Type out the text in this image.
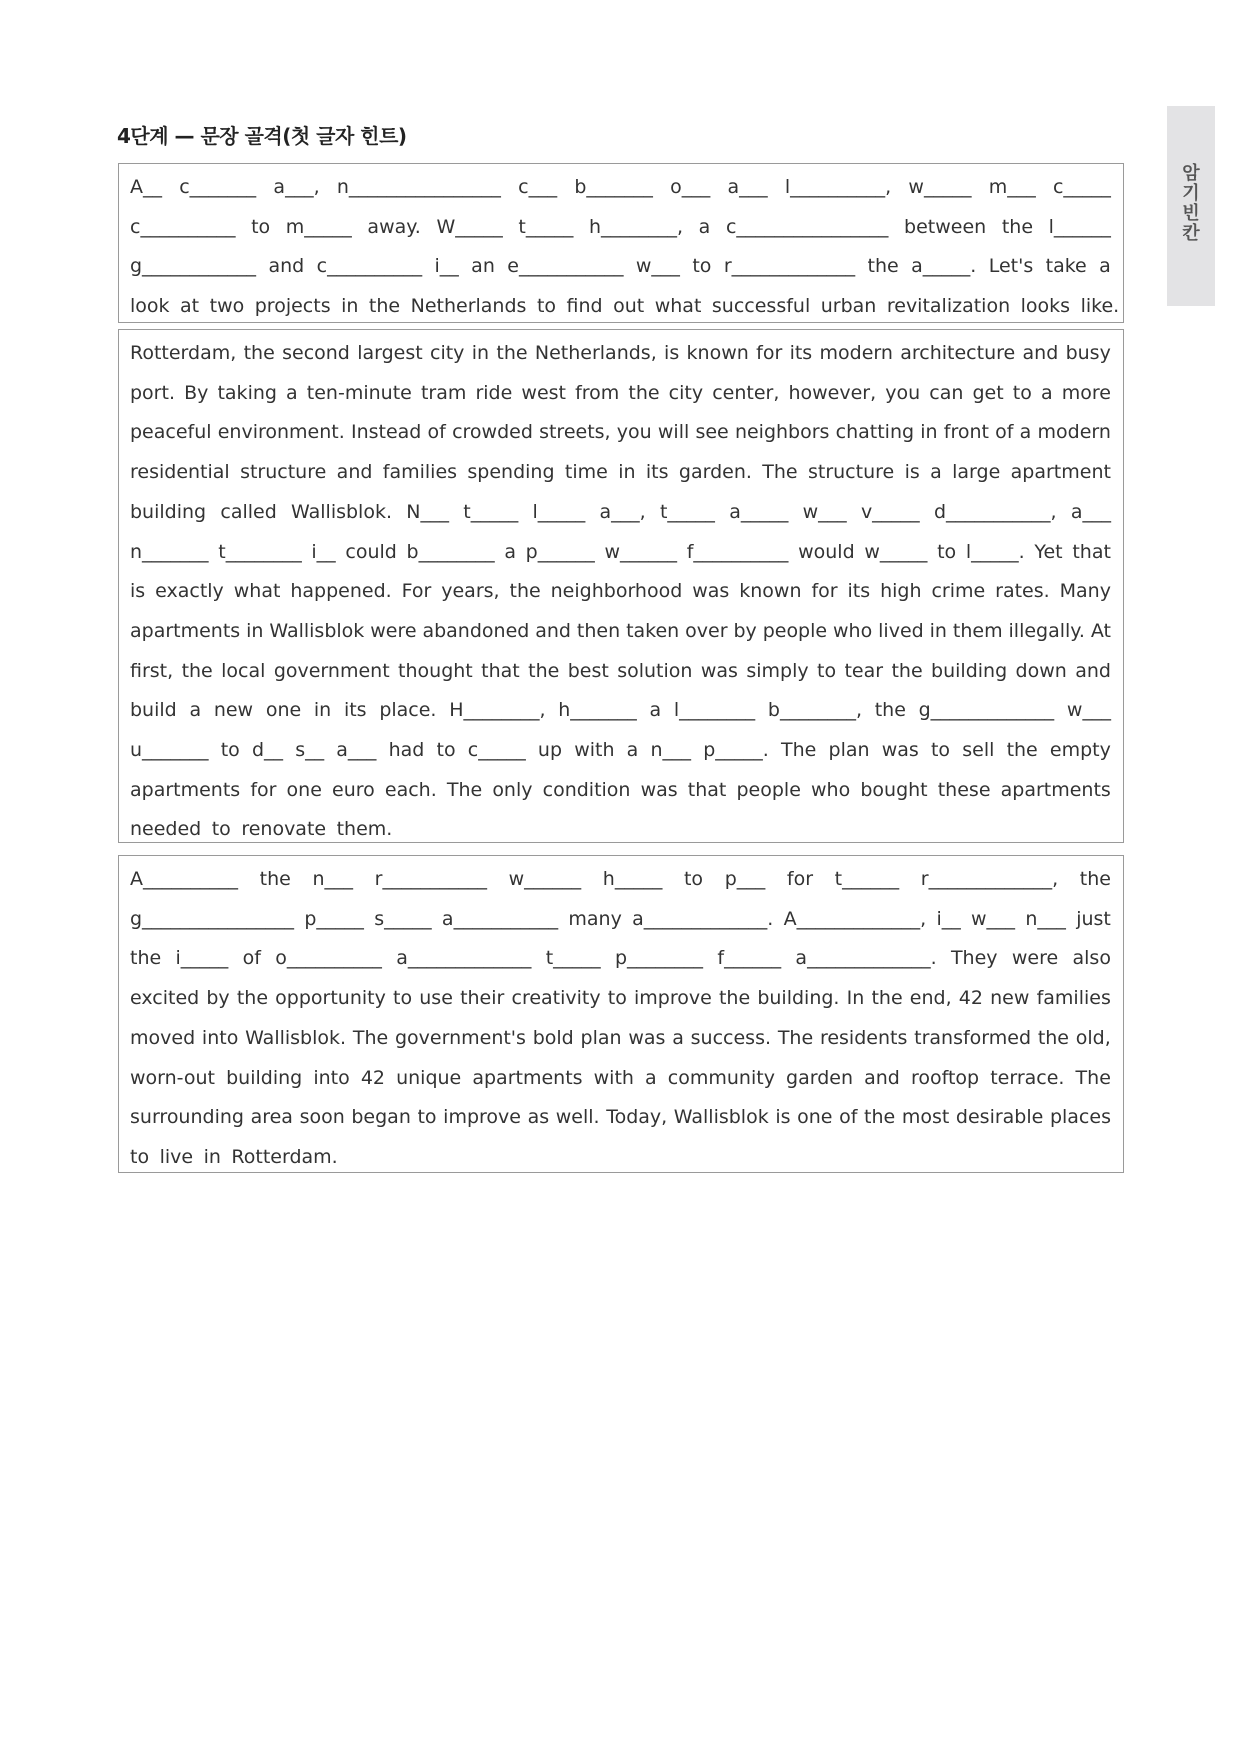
4단계 — 문장 골격(첫 글자 힌트)
암
기
빈
칸
A__ c_______ a___, n________________ c___ b_______ o___ a___ l__________, w_____ m___ c_____
c__________ to m_____ away. W_____ t_____ h________, a c________________ between the l______
g____________ and c__________ i__ an e___________ w___ to r_____________ the a_____. Let's take a
look at two projects in the Netherlands to find out what successful urban revitalization looks like.
Rotterdam, the second largest city in the Netherlands, is known for its modern architecture and busy
port. By taking a ten-minute tram ride west from the city center, however, you can get to a more
peaceful environment. Instead of crowded streets, you will see neighbors chatting in front of a modern
residential structure and families spending time in its garden. The structure is a large apartment
building called Wallisblok. N___ t_____ l_____ a___, t_____ a_____ w___ v_____ d___________, a___
n_______ t________ i__ could b________ a p______ w______ f__________ would w_____ to l_____. Yet that
is exactly what happened. For years, the neighborhood was known for its high crime rates. Many
apartments in Wallisblok were abandoned and then taken over by people who lived in them illegally. At
first, the local government thought that the best solution was simply to tear the building down and
build a new one in its place. H________, h_______ a l________ b________, the g_____________ w___
u_______ to d__ s__ a___ had to c_____ up with a n___ p_____. The plan was to sell the empty
apartments for one euro each. The only condition was that people who bought these apartments
needed to renovate them.
A__________ the n___ r___________ w______ h_____ to p___ for t______ r_____________, the
g________________ p_____ s_____ a___________ many a_____________. A_____________, i__ w___ n___ just
the i_____ of o__________ a_____________ t_____ p________ f______ a_____________. They were also
excited by the opportunity to use their creativity to improve the building. In the end, 42 new families
moved into Wallisblok. The government's bold plan was a success. The residents transformed the old,
worn-out building into 42 unique apartments with a community garden and rooftop terrace. The
surrounding area soon began to improve as well. Today, Wallisblok is one of the most desirable places
to live in Rotterdam.
